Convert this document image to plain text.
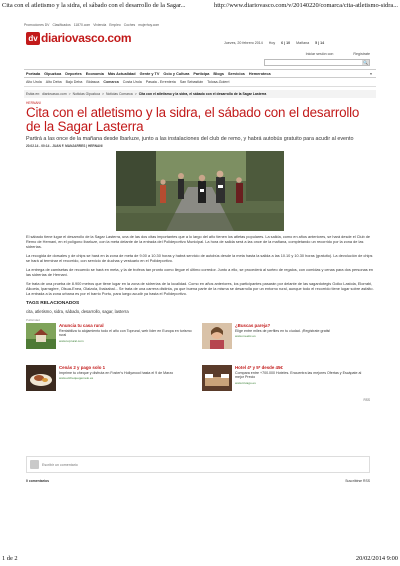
Cita con el atletismo y la sidra, el sábado con el desarrollo de la Sagar...	http://www.diariovasco.com/v/20140220/comarca/cita-atletismo-sidra...
Promociones DV Clasificados 11870.com Vivienda Empleo Coches mujerhoy.com
dv diariovasco.com	Jueves, 20 febrero 2014 Hoy 6 | 10 Mañana 5 | 14
Iniciar sesión con	Regístrate
🔍
Portada Gipuzkoa Deportes Economía Más Actualidad Gente y TV Ocio y Cultura Participa Blogs Servicios Hemeroteca	«
Alto Urola Alto Deba Bajo Deba Bidasoa Comarca Costa Urola Pasaia - Errenteria San Sebastián Tolosa-Goierri
Estás en: diariovasco.com > Noticias Gipuzkoa > Noticias Comarca > Cita con el atletismo y la sidra, el sábado con el desarrollo de la Sagar Lasterra
HERNANI
Cita con el atletismo y la sidra, el sábado con el desarrollo de la Sagar Lasterra
Partirá a las once de la mañana desde Ibarluze, junto a las instalaciones del club de remo, y habrá autobús gratuito para acudir al evento
20.02.14 - 00:14 - JUAN F. MANJARRES | HERNANI

El sábado tiene lugar el desarrollo de la Sagar Lasterra, una de las dos citas importantes que a lo largo del año tienen los atletas populares. La salida, como en años anteriores, se hará desde el Club de Remo de Hernani, en el polígono Ibarluze, con la meta delante de la entrada del Polideportivo Municipal. La hora de salida será a las once de la mañana, completando un recorrido por la zona de las sidrerías.

La recogida de dorsales y de chips se hará en la zona de meta de 9.00 a 10.30 horas y habrá servicio de autobús desde la meta hasta la salida a las 10.10 y 10.30 horas (gratuito). La devolución de chips se hará al terminar el recorrido, con servicio de duchas y vestuario en el Polideportivo.

La entrega de camisetas de recuerdo se hará en meta, y la de trofeos tan pronto como llegue el último corredor. Junto a ello, se procederá al sorteo de regalos, con comidas y cenas para dos personas en las sidrerías de Hernani.

Se trata de una prueba de 8.900 metros que tiene lugar en la zona de sidrerías de la localidad. Como en años anteriores, los participantes pasarán por delante de las sagardotegis Goiko Lastola, Elorrabi, Alkoeta, Iparragirre, Olsua-Enea, Olaizola, Ibaizabal... Se trata de una carrera distinta, ya que buena parte de la misma se desarrolla por un entorno rural, aunque todo el recorrido tiene lugar sobre asfalto. La entrada a la zona urbana es por el barrio Portu, para luego acudir ya hasta el Polideportivo.

TAGS RELACIONADOS
cita, atletismo, sidra, sábado, desarrollo, sagar, lasterra
Publicidad
Anuncia tu casa rural
Rentabiliza tu alojamiento todo el año con Toprural, web líder en Europa en turismo rural
www.toprural.com
¿Buscas pareja?
Elige entre miles de perfiles en tu ciudad. ¡Regístrate gratis!
www.meetic.es
Cenás 2 y pago solo 1
Imprime tu cheque y disfruta en Foster's Hollywood hasta el 9 de Marzo
www.elchequegemelo.es
Hotel 4* y 5* desde 45€
Compara entre +700.000 Hoteles. Encuentra las mejores Ofertas y Escápate al mejor Precio
www.trivago.es
RSS
Escribir un comentario
0 comentarios	Suscribirse RSS
1 de 2	20/02/2014 9:00
